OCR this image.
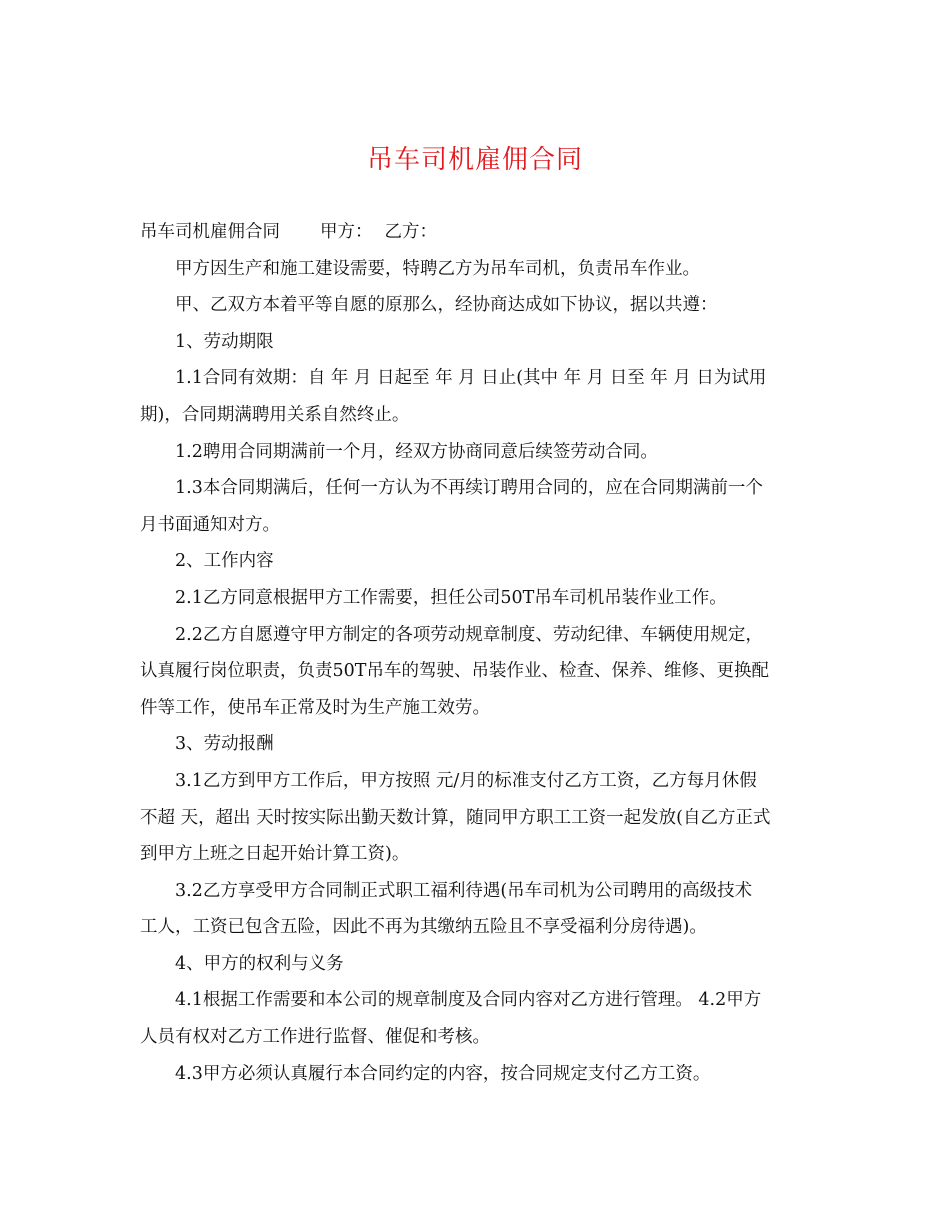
吊车司机雇佣合同
吊车司机雇佣合同 甲方： 乙方：
甲方因生产和施工建设需要，特聘乙方为吊车司机，负责吊车作业。
甲、乙双方本着平等自愿的原那么，经协商达成如下协议，据以共遵：
1、劳动期限
1.1合同有效期：自 年 月 日起至 年 月 日止(其中 年 月 日至 年 月 日为试用
期)，合同期满聘用关系自然终止。
1.2聘用合同期满前一个月，经双方协商同意后续签劳动合同。
1.3本合同期满后，任何一方认为不再续订聘用合同的，应在合同期满前一个
月书面通知对方。
2、工作内容
2.1乙方同意根据甲方工作需要，担任公司50T吊车司机吊装作业工作。
2.2乙方自愿遵守甲方制定的各项劳动规章制度、劳动纪律、车辆使用规定，
认真履行岗位职责，负责50T吊车的驾驶、吊装作业、检查、保养、维修、更换配
件等工作，使吊车正常及时为生产施工效劳。
3、劳动报酬
3.1乙方到甲方工作后，甲方按照 元/月的标准支付乙方工资，乙方每月休假
不超 天，超出 天时按实际出勤天数计算，随同甲方职工工资一起发放(自乙方正式
到甲方上班之日起开始计算工资)。
3.2乙方享受甲方合同制正式职工福利待遇(吊车司机为公司聘用的高级技术
工人，工资已包含五险，因此不再为其缴纳五险且不享受福利分房待遇)。
4、甲方的权利与义务
4.1根据工作需要和本公司的规章制度及合同内容对乙方进行管理。 4.2甲方
人员有权对乙方工作进行监督、催促和考核。
4.3甲方必须认真履行本合同约定的内容，按合同规定支付乙方工资。
